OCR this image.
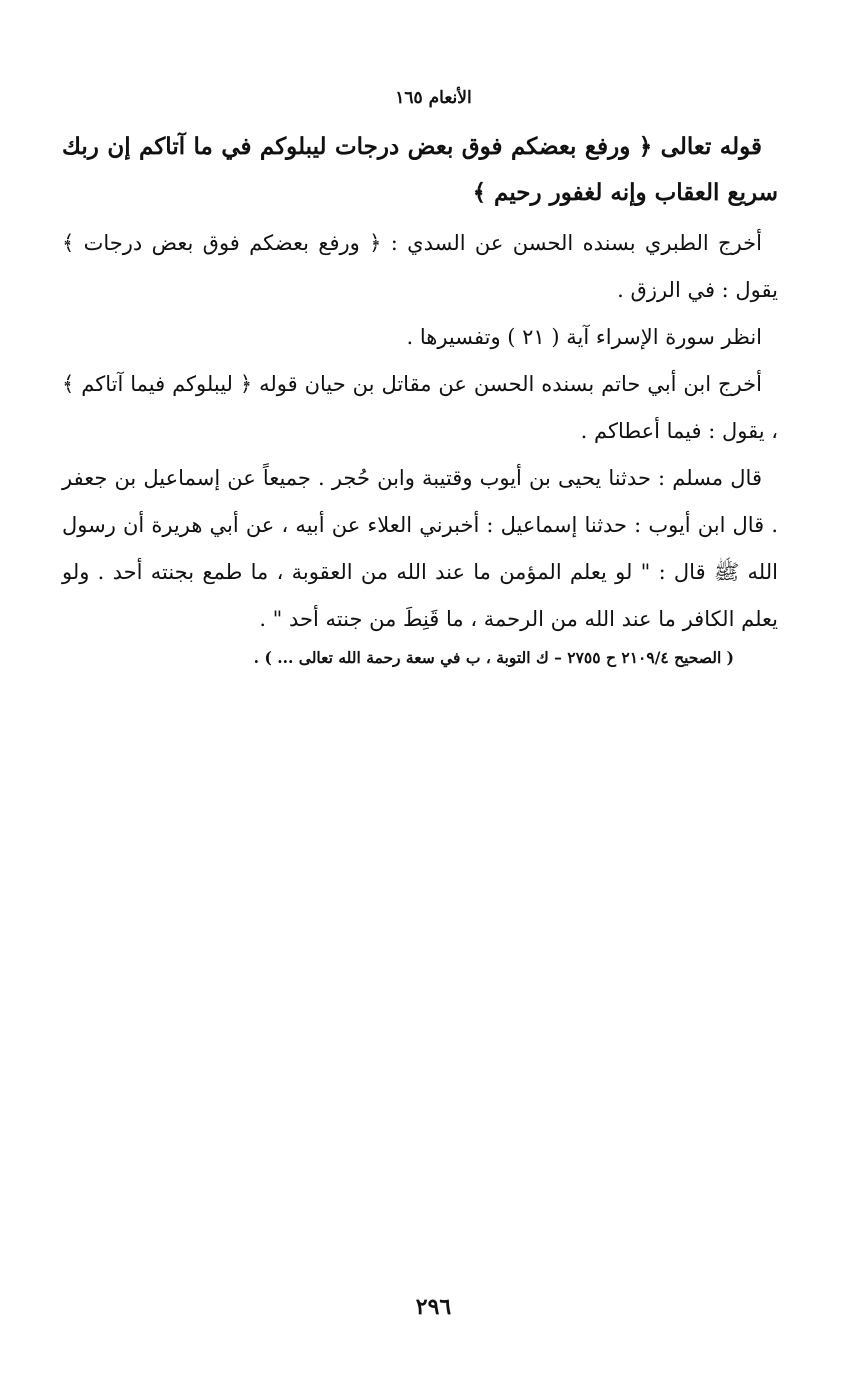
الأنعام ١٦٥

قوله تعالى ﴿ ورفع بعضكم فوق بعض درجات ليبلوكم في ما آتاكم إن ربك سريع العقاب وإنه لغفور رحيم ﴾

أخرج الطبري بسنده الحسن عن السدي : ﴿ ورفع بعضكم فوق بعض درجات ﴾ يقول : في الرزق .

انظر سورة الإسراء آية ( ٢١ ) وتفسيرها .

أخرج ابن أبي حاتم بسنده الحسن عن مقاتل بن حيان قوله ﴿ ليبلوكم فيما آتاكم ﴾ ، يقول : فيما أعطاكم .

قال مسلم : حدثنا يحيى بن أيوب وقتيبة وابن حُجر . جميعاً عن إسماعيل بن جعفر . قال ابن أيوب : حدثنا إسماعيل : أخبرني العلاء عن أبيه ، عن أبي هريرة أن رسول الله ﷺ قال : " لو يعلم المؤمن ما عند الله من العقوبة ، ما طمع بجنته أحد . ولو يعلم الكافر ما عند الله من الرحمة ، ما قَنِطَ من جنته أحد " .

( الصحيح ٢١٠٩/٤ ح ٢٧٥٥ – ك التوبة ، ب في سعة رحمة الله تعالى ... ) .

٢٩٦
